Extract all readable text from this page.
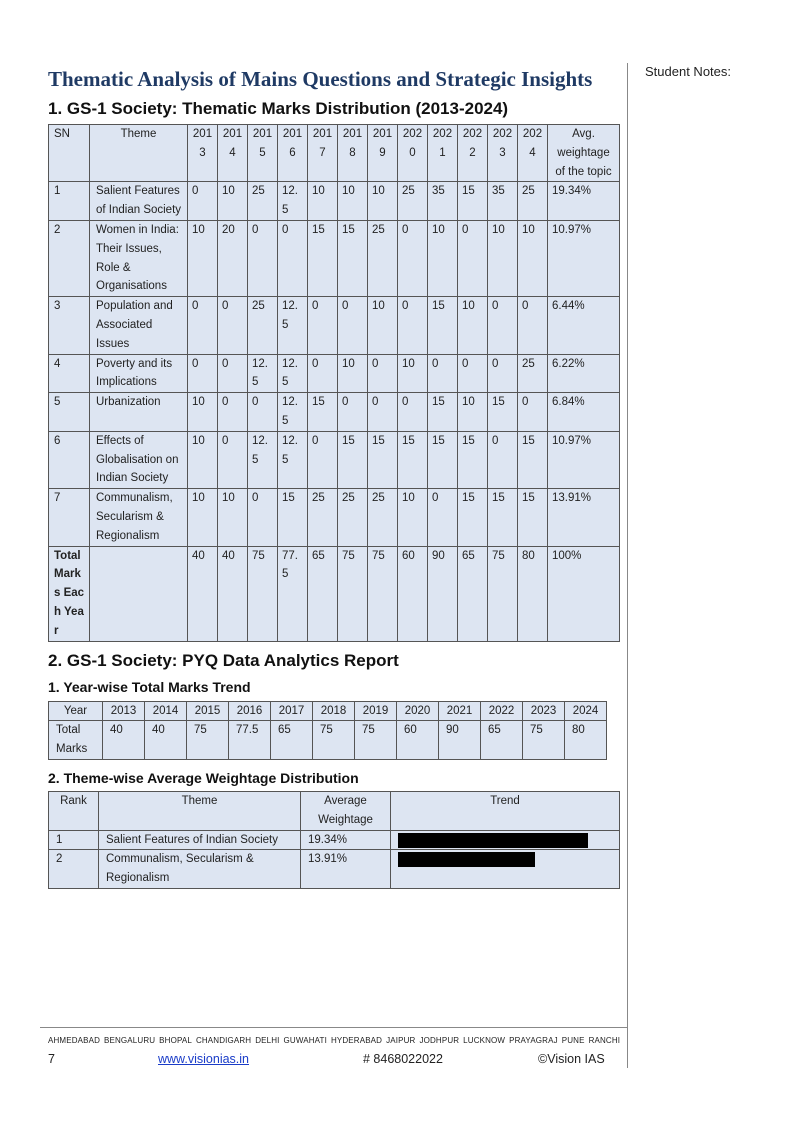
Student Notes:
Thematic Analysis of Mains Questions and Strategic Insights
1. GS-1 Society: Thematic Marks Distribution (2013-2024)
SN	Theme	2013	2014	2015	2016	2017	2018	2019	2020	2021	2022	2023	2024	Avg. weightage of the topic
1	Salient Features of Indian Society	0	10	25	12.5	10	10	10	25	35	15	35	25	19.34%
2	Women in India: Their Issues, Role & Organisations	10	20	0	0	15	15	25	0	10	0	10	10	10.97%
3	Population and Associated Issues	0	0	25	12.5	0	0	10	0	15	10	0	0	6.44%
4	Poverty and its Implications	0	0	12.5	12.5	0	10	0	10	0	0	0	25	6.22%
5	Urbanization	10	0	0	12.5	15	0	0	0	15	10	15	0	6.84%
6	Effects of Globalisation on Indian Society	10	0	12.5	12.5	0	15	15	15	15	15	0	15	10.97%
7	Communalism, Secularism & Regionalism	10	10	0	15	25	25	25	10	0	15	15	15	13.91%
Total Marks Each Year		40	40	75	77.5	65	75	75	60	90	65	75	80	100%
2. GS-1 Society: PYQ Data Analytics Report
1. Year-wise Total Marks Trend
Year	2013	2014	2015	2016	2017	2018	2019	2020	2021	2022	2023	2024
Total Marks	40	40	75	77.5	65	75	75	60	90	65	75	80
2. Theme-wise Average Weightage Distribution
Rank	Theme	Average Weightage	Trend
1	Salient Features of Indian Society	19.34%	

2	Communalism, Secularism & Regionalism	13.91%	
AHMEDABAD BENGALURU BHOPAL CHANDIGARH DELHI GUWAHATI HYDERABAD JAIPUR JODHPUR LUCKNOW PRAYAGRAJ PUNE RANCHI
7	www.visionias.in	# 8468022022	©Vision IAS
